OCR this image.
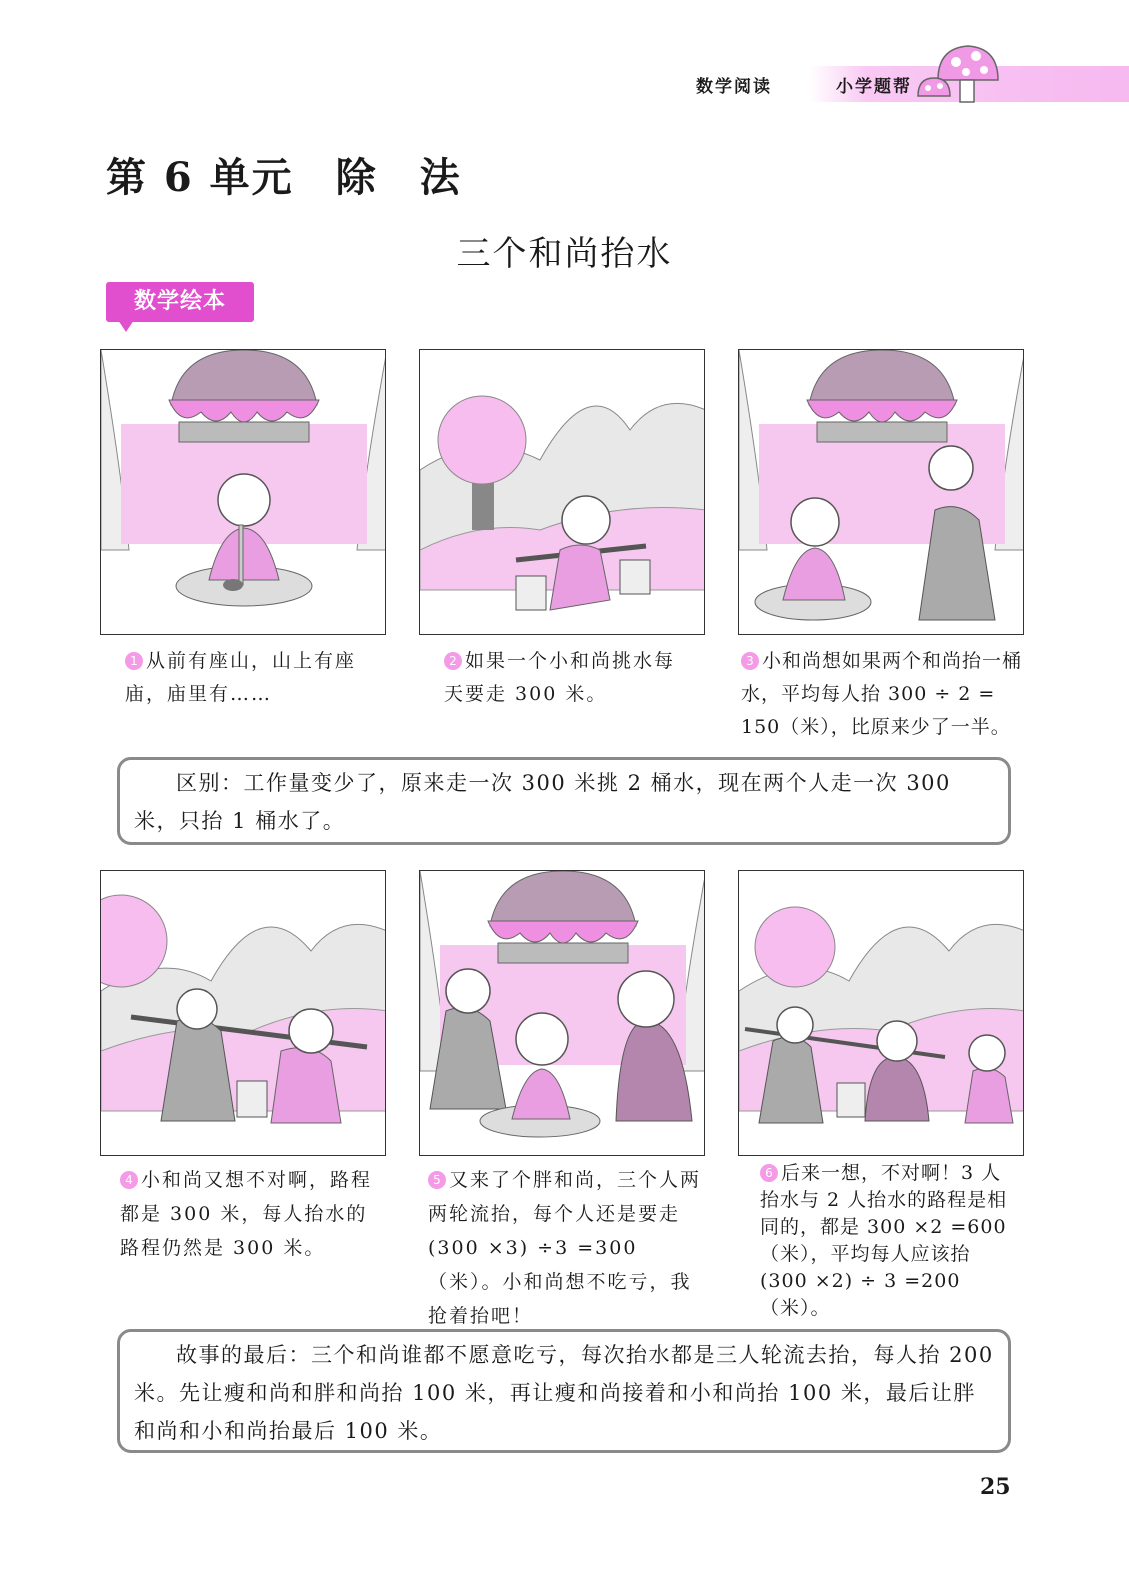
数学阅读	小学题帮
第 6 单元　除　法
三个和尚抬水
数学绘本
1 从前有座山，山上有座庙，庙里有……
2 如果一个小和尚挑水每天要走 300 米。
3 小和尚想如果两个和尚抬一桶水，平均每人抬 300 ÷ 2 = 150（米），比原来少了一半。
区别：工作量变少了，原来走一次 300 米挑 2 桶水，现在两个人走一次 300 米，只抬 1 桶水了。
4 小和尚又想不对啊，路程都是 300 米，每人抬水的路程仍然是 300 米。
5 又来了个胖和尚，三个人两两轮流抬，每个人还是要走 (300 ×3) ÷3 =300（米）。小和尚想不吃亏，我抢着抬吧！
6 后来一想，不对啊！3 人抬水与 2 人抬水的路程是相同的，都是 300 ×2 =600（米），平均每人应该抬 (300 ×2) ÷ 3 =200（米）。
故事的最后：三个和尚谁都不愿意吃亏，每次抬水都是三人轮流去抬，每人抬 200 米。先让瘦和尚和胖和尚抬 100 米，再让瘦和尚接着和小和尚抬 100 米，最后让胖和尚和小和尚抬最后 100 米。
25
